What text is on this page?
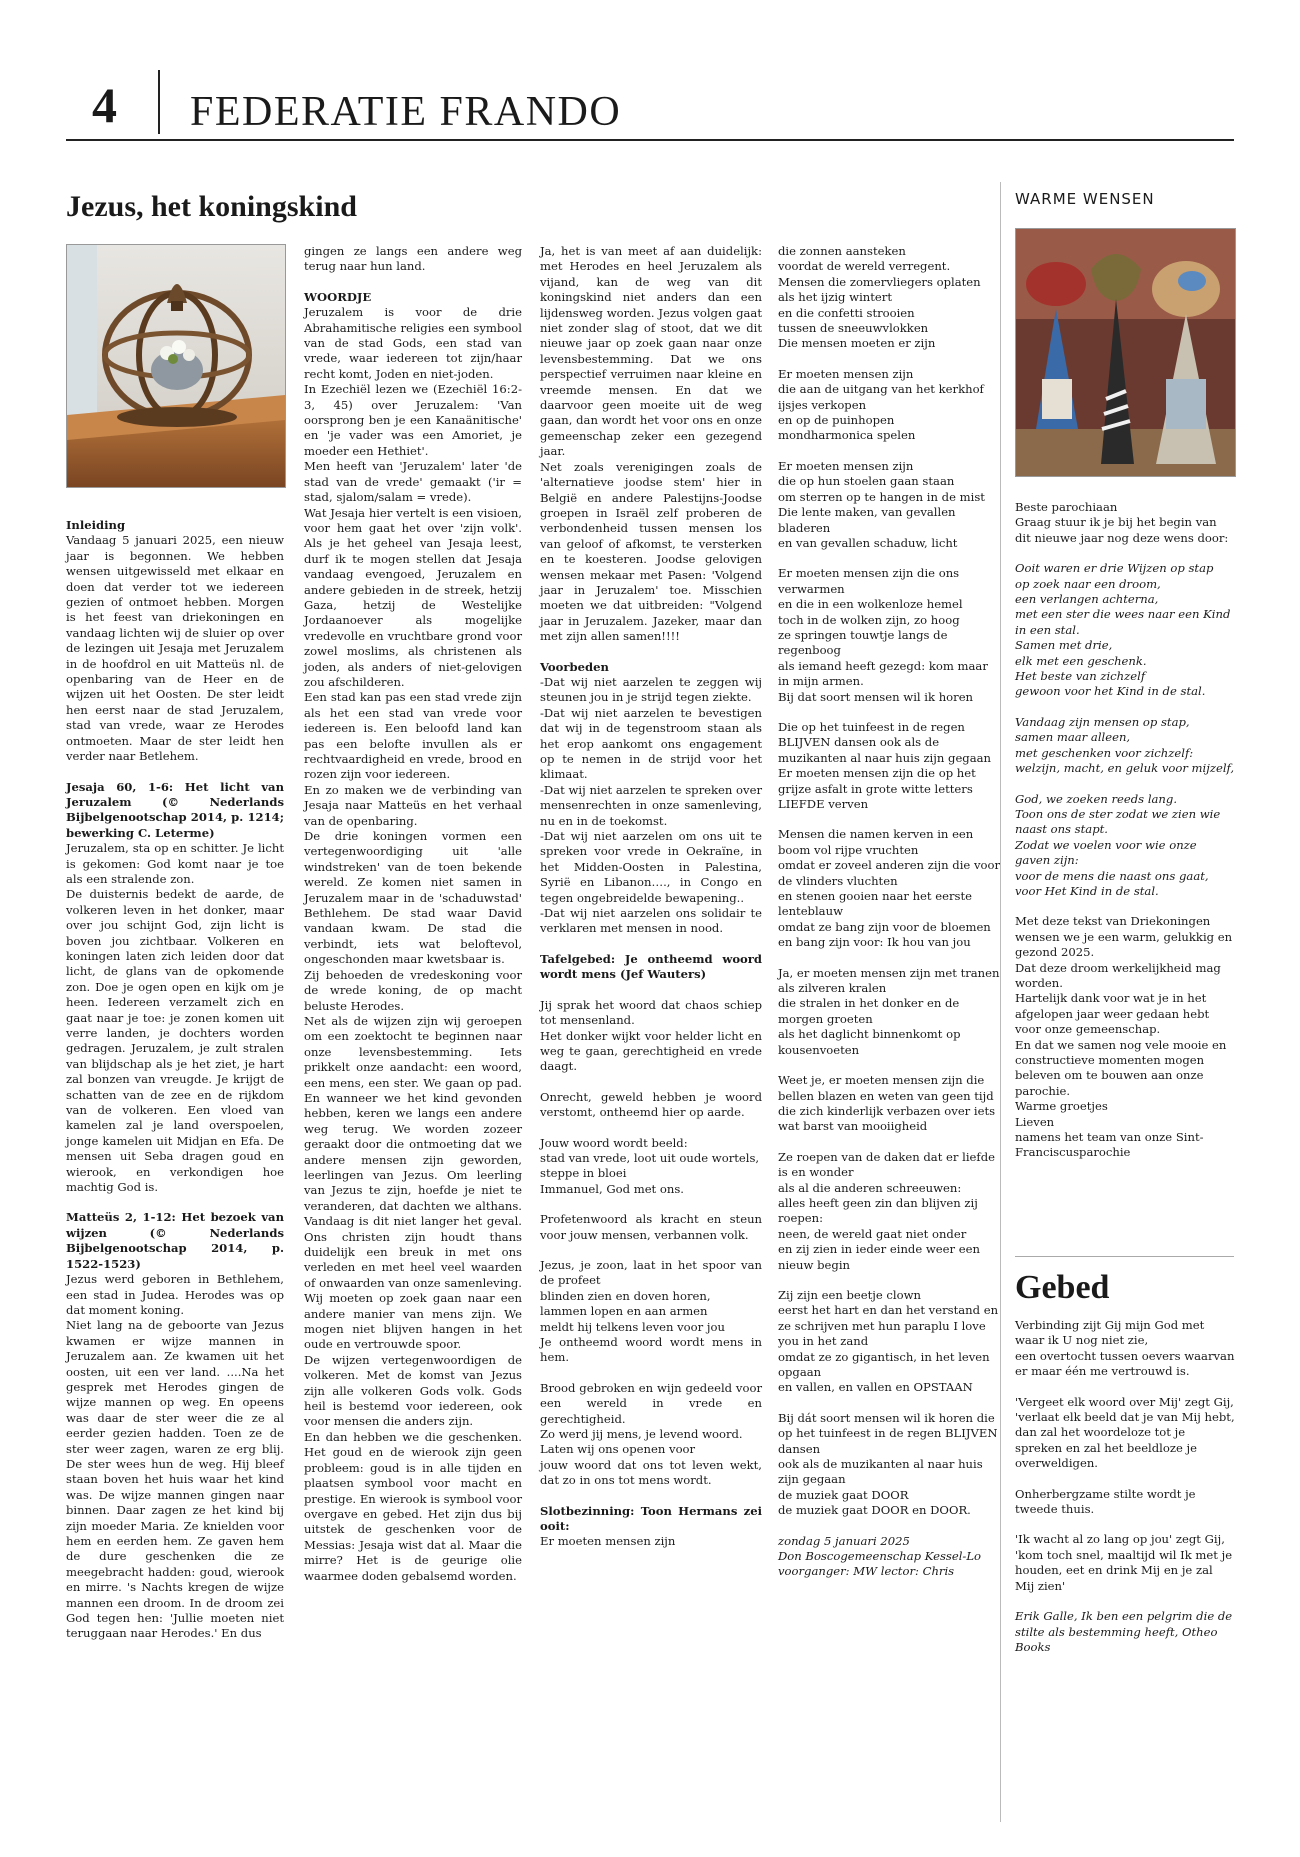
4 FEDERATIE FRANDO
Jezus, het koningskind

Inleiding

Vandaag 5 januari 2025, een nieuw jaar is begonnen. We hebben wensen uitgewisseld met elkaar en doen dat verder tot we iedereen gezien of ontmoet hebben. Morgen is het feest van driekoningen en vandaag lichten wij de sluier op over de lezingen uit Jesaja met Jeruzalem in de hoofdrol en uit Matteüs nl. de openbaring van de Heer en de wijzen uit het Oosten. De ster leidt hen eerst naar de stad Jeruzalem, stad van vrede, waar ze Herodes ontmoeten. Maar de ster leidt hen verder naar Betlehem.

Jesaja 60, 1-6: Het licht van Jeruzalem (© Nederlands Bijbelgenootschap 2014, p. 1214; bewerking C. Leterme)

Jeruzalem, sta op en schitter. Je licht is gekomen: God komt naar je toe als een stralende zon.

De duisternis bedekt de aarde, de volkeren leven in het donker, maar over jou schijnt God, zijn licht is boven jou zichtbaar. Volkeren en koningen laten zich leiden door dat licht, de glans van de opkomende zon. Doe je ogen open en kijk om je heen. Iedereen verzamelt zich en gaat naar je toe: je zonen komen uit verre landen, je dochters worden gedragen. Jeruzalem, je zult stralen van blijdschap als je het ziet, je hart zal bonzen van vreugde. Je krijgt de schatten van de zee en de rijkdom van de volkeren. Een vloed van kamelen zal je land overspoelen, jonge kamelen uit Midjan en Efa. De mensen uit Seba dragen goud en wierook, en verkondigen hoe machtig God is.

Matteüs 2, 1-12: Het bezoek van wijzen (© Nederlands Bijbelgenootschap 2014, p. 1522-1523)

Jezus werd geboren in Bethlehem, een stad in Judea. Herodes was op dat moment koning.

Niet lang na de geboorte van Jezus kwamen er wijze mannen in Jeruzalem aan. Ze kwamen uit het oosten, uit een ver land. ....Na het gesprek met Herodes gingen de wijze mannen op weg. En opeens was daar de ster weer die ze al eerder gezien hadden. Toen ze de ster weer zagen, waren ze erg blij. De ster wees hun de weg. Hij bleef staan boven het huis waar het kind was. De wijze mannen gingen naar binnen. Daar zagen ze het kind bij zijn moeder Maria. Ze knielden voor hem en eerden hem. Ze gaven hem de dure geschenken die ze meegebracht hadden: goud, wierook en mirre. 's Nachts kregen de wijze mannen een droom. In de droom zei God tegen hen: 'Jullie moeten niet teruggaan naar Herodes.' En dus

gingen ze langs een andere weg terug naar hun land.

WOORDJE

Jeruzalem is voor de drie Abrahamitische religies een symbool van de stad Gods, een stad van vrede, waar iedereen tot zijn/haar recht komt, Joden en niet-joden.

In Ezechiël lezen we (Ezechiël 16:2-3, 45) over Jeruzalem: 'Van oorsprong ben je een Kanaänitische' en 'je vader was een Amoriet, je moeder een Hethiet'.

Men heeft van 'Jeruzalem' later 'de stad van de vrede' gemaakt ('ir = stad, sjalom/salam = vrede).

Wat Jesaja hier vertelt is een visioen, voor hem gaat het over 'zijn volk'. Als je het geheel van Jesaja leest, durf ik te mogen stellen dat Jesaja vandaag evengoed, Jeruzalem en andere gebieden in de streek, hetzij Gaza, hetzij de Westelijke Jordaanoever als mogelijke vredevolle en vruchtbare grond voor zowel moslims, als christenen als joden, als anders of niet-gelovigen zou afschilderen.

Een stad kan pas een stad vrede zijn als het een stad van vrede voor iedereen is. Een beloofd land kan pas een belofte invullen als er rechtvaardigheid en vrede, brood en rozen zijn voor iedereen.

En zo maken we de verbinding van Jesaja naar Matteüs en het verhaal van de openbaring.

De drie koningen vormen een vertegenwoordiging uit 'alle windstreken' van de toen bekende wereld. Ze komen niet samen in Jeruzalem maar in de 'schaduwstad' Bethlehem. De stad waar David vandaan kwam. De stad die verbindt, iets wat beloftevol, ongeschonden maar kwetsbaar is.

Zij behoeden de vredeskoning voor de wrede koning, de op macht beluste Herodes.

Net als de wijzen zijn wij geroepen om een zoektocht te beginnen naar onze levensbestemming. Iets prikkelt onze aandacht: een woord, een mens, een ster. We gaan op pad. En wanneer we het kind gevonden hebben, keren we langs een andere weg terug. We worden zozeer geraakt door die ontmoeting dat we andere mensen zijn geworden, leerlingen van Jezus. Om leerling van Jezus te zijn, hoefde je niet te veranderen, dat dachten we althans. Vandaag is dit niet langer het geval. Ons christen zijn houdt thans duidelijk een breuk in met ons verleden en met heel veel waarden of onwaarden van onze samenleving. Wij moeten op zoek gaan naar een andere manier van mens zijn. We mogen niet blijven hangen in het oude en vertrouwde spoor.

De wijzen vertegenwoordigen de volkeren. Met de komst van Jezus zijn alle volkeren Gods volk. Gods heil is bestemd voor iedereen, ook voor mensen die anders zijn.

En dan hebben we die geschenken. Het goud en de wierook zijn geen probleem: goud is in alle tijden en plaatsen symbool voor macht en prestige. En wierook is symbool voor overgave en gebed. Het zijn dus bij uitstek de geschenken voor de Messias: Jesaja wist dat al. Maar die mirre? Het is de geurige olie waarmee doden gebalsemd worden.

Ja, het is van meet af aan duidelijk: met Herodes en heel Jeruzalem als vijand, kan de weg van dit koningskind niet anders dan een lijdensweg worden. Jezus volgen gaat niet zonder slag of stoot, dat we dit nieuwe jaar op zoek gaan naar onze levensbestemming. Dat we ons perspectief verruimen naar kleine en vreemde mensen. En dat we daarvoor geen moeite uit de weg gaan, dan wordt het voor ons en onze gemeenschap zeker een gezegend jaar.

Net zoals verenigingen zoals de 'alternatieve joodse stem' hier in België en andere Palestijns-Joodse groepen in Israël zelf proberen de verbondenheid tussen mensen los van geloof of afkomst, te versterken en te koesteren. Joodse gelovigen wensen mekaar met Pasen: 'Volgend jaar in Jeruzalem' toe. Misschien moeten we dat uitbreiden: "Volgend jaar in Jeruzalem. Jazeker, maar dan met zijn allen samen!!!!

Voorbeden

-Dat wij niet aarzelen te zeggen wij steunen jou in je strijd tegen ziekte.

-Dat wij niet aarzelen te bevestigen dat wij in de tegenstroom staan als het erop aankomt ons engagement op te nemen in de strijd voor het klimaat.

-Dat wij niet aarzelen te spreken over mensenrechten in onze samenleving, nu en in de toekomst.

-Dat wij niet aarzelen om ons uit te spreken voor vrede in Oekraïne, in het Midden-Oosten in Palestina, Syrië en Libanon…., in Congo en tegen ongebreidelde bewapening..

-Dat wij niet aarzelen ons solidair te verklaren met mensen in nood.

Tafelgebed: Je ontheemd woord wordt mens (Jef Wauters)

Jij sprak het woord dat chaos schiep tot mensenland.

Het donker wijkt voor helder licht en weg te gaan, gerechtigheid en vrede daagt.

Onrecht, geweld hebben je woord verstomt, ontheemd hier op aarde.

Jouw woord wordt beeld:

stad van vrede, loot uit oude wortels,

steppe in bloei

Immanuel, God met ons.

Profetenwoord als kracht en steun voor jouw mensen, verbannen volk.

Jezus, je zoon, laat in het spoor van de profeet

blinden zien en doven horen,

lammen lopen en aan armen

meldt hij telkens leven voor jou

Je ontheemd woord wordt mens in hem.

Brood gebroken en wijn gedeeld voor een wereld in vrede en gerechtigheid.

Zo werd jij mens, je levend woord.

Laten wij ons openen voor

jouw woord dat ons tot leven wekt, dat zo in ons tot mens wordt.

Slotbezinning: Toon Hermans zei ooit:

Er moeten mensen zijn

die zonnen aansteken

voordat de wereld verregent.

Mensen die zomervliegers oplaten als het ijzig wintert

en die confetti strooien

tussen de sneeuwvlokken

Die mensen moeten er zijn

Er moeten mensen zijn

die aan de uitgang van het kerkhof

ijsjes verkopen

en op de puinhopen

mondharmonica spelen

Er moeten mensen zijn

die op hun stoelen gaan staan

om sterren op te hangen in de mist

Die lente maken, van gevallen bladeren

en van gevallen schaduw, licht

Er moeten mensen zijn die ons verwarmen

en die in een wolkenloze hemel

toch in de wolken zijn, zo hoog

ze springen touwtje langs de regenboog

als iemand heeft gezegd: kom maar in mijn armen.

Bij dat soort mensen wil ik horen

Die op het tuinfeest in de regen BLIJVEN dansen ook als de muzikanten al naar huis zijn gegaan

Er moeten mensen zijn die op het grijze asfalt in grote witte letters LIEFDE verven

Mensen die namen kerven in een boom vol rijpe vruchten

omdat er zoveel anderen zijn die voor de vlinders vluchten

en stenen gooien naar het eerste lenteblauw

omdat ze bang zijn voor de bloemen

en bang zijn voor: Ik hou van jou

Ja, er moeten mensen zijn met tranen als zilveren kralen

die stralen in het donker en de morgen groeten

als het daglicht binnenkomt op kousenvoeten

Weet je, er moeten mensen zijn die bellen blazen en weten van geen tijd die zich kinderlijk verbazen over iets wat barst van mooiigheid

Ze roepen van de daken dat er liefde is en wonder

als al die anderen schreeuwen:

alles heeft geen zin dan blijven zij roepen:

neen, de wereld gaat niet onder

en zij zien in ieder einde weer een nieuw begin

Zij zijn een beetje clown

eerst het hart en dan het verstand en ze schrijven met hun paraplu I love you in het zand

omdat ze zo gigantisch, in het leven opgaan

en vallen, en vallen en OPSTAAN

Bij dát soort mensen wil ik horen die op het tuinfeest in de regen BLIJVEN dansen

ook als de muzikanten al naar huis zijn gegaan

de muziek gaat DOOR

de muziek gaat DOOR en DOOR.

zondag 5 januari 2025

Don Boscogemeenschap Kessel-Lo

voorganger: MW lector: Chris

WARME WENSEN

Beste parochiaan

Graag stuur ik je bij het begin van dit nieuwe jaar nog deze wens door:

Ooit waren er drie Wijzen op stap

op zoek naar een droom,

een verlangen achterna,

met een ster die wees naar een Kind in een stal.

Samen met drie,

elk met een geschenk.

Het beste van zichzelf

gewoon voor het Kind in de stal.

Vandaag zijn mensen op stap,

samen maar alleen,

met geschenken voor zichzelf:

welzijn, macht, en geluk voor mijzelf,

God, we zoeken reeds lang.

Toon ons de ster zodat we zien wie naast ons stapt.

Zodat we voelen voor wie onze gaven zijn:

voor de mens die naast ons gaat,

voor Het Kind in de stal.

Met deze tekst van Driekoningen wensen we je een warm, gelukkig en gezond 2025.

Dat deze droom werkelijkheid mag worden.

Hartelijk dank voor wat je in het afgelopen jaar weer gedaan hebt voor onze gemeenschap.

En dat we samen nog vele mooie en constructieve momenten mogen beleven om te bouwen aan onze parochie.

Warme groetjes

Lieven

namens het team van onze Sint-Franciscusparochie

Gebed

Verbinding zijt Gij mijn God met waar ik U nog niet zie,

een overtocht tussen oevers waarvan er maar één me vertrouwd is.

'Vergeet elk woord over Mij' zegt Gij,

'verlaat elk beeld dat je van Mij hebt, dan zal het woordeloze tot je spreken en zal het beeldloze je overweldigen.

Onherbergzame stilte wordt je tweede thuis.

'Ik wacht al zo lang op jou' zegt Gij, 'kom toch snel, maaltijd wil Ik met je houden, eet en drink Mij en je zal Mij zien'

Erik Galle, Ik ben een pelgrim die de stilte als bestemming heeft, Otheo Books
